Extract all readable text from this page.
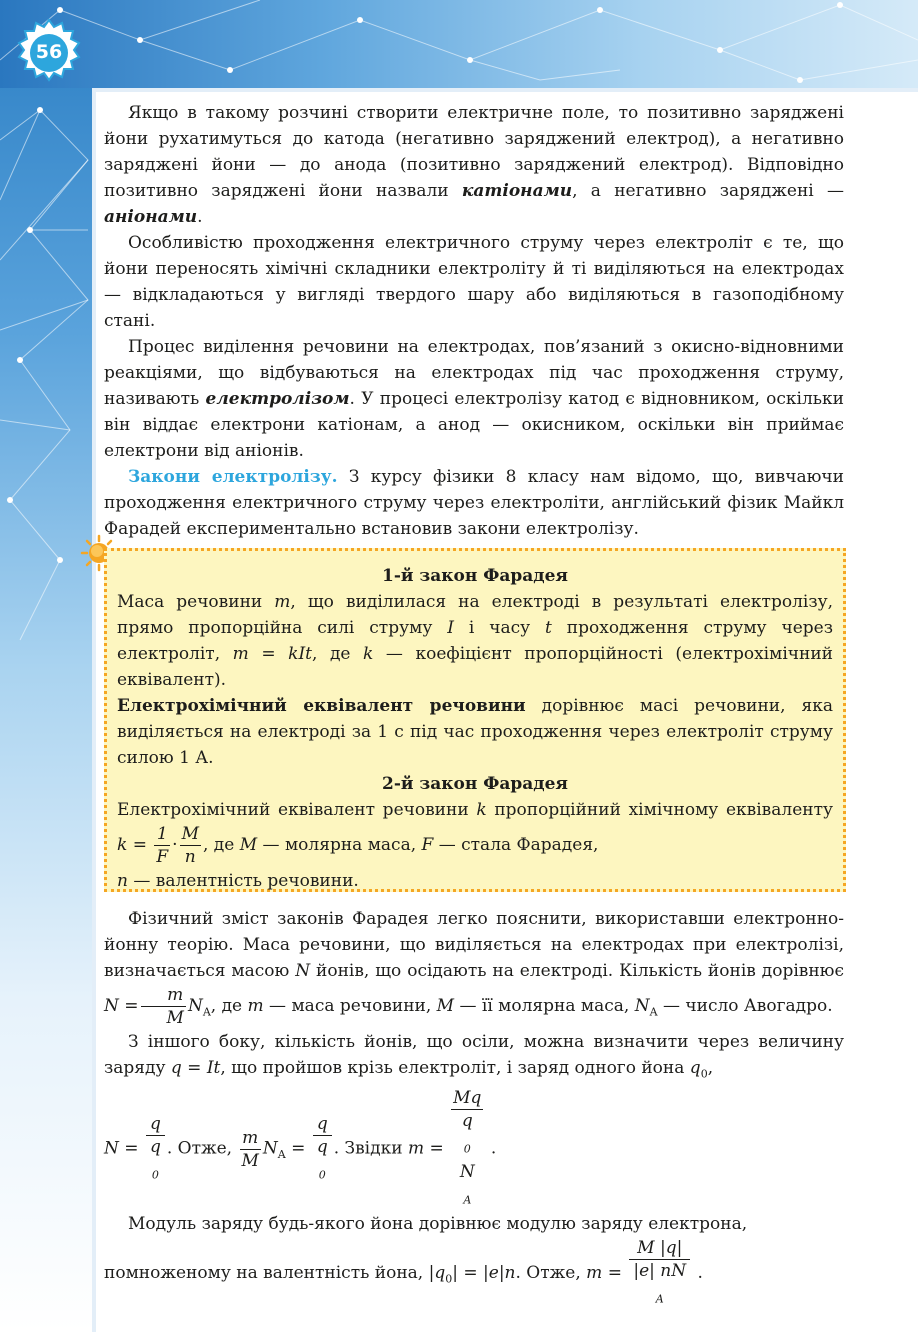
56

Якщо в такому розчині створити електричне поле, то позитивно заряджені йони рухатимуться до катода (негативно заряджений електрод), а негативно заряджені йони — до анода (позитивно заряджений електрод). Відповідно позитивно заряджені йони назвали катіонами, а негативно заряджені — аніонами.

Особливістю проходження електричного струму через електроліт є те, що йони переносять хімічні складники електроліту й ті виділяються на електродах — відкладаються у вигляді твердого шару або виділяються в газоподібному стані.

Процес виділення речовини на електродах, пов’язаний з окисно-відновними реакціями, що відбуваються на електродах під час проходження струму, називають електролізом. У процесі електролізу катод є відновником, оскільки він віддає електрони катіонам, а анод — окисником, оскільки він приймає електрони від аніонів.

Закони електролізу. З курсу фізики 8 класу нам відомо, що, вивчаючи проходження електричного струму через електроліти, англійський фізик Майкл Фарадей експериментально встановив закони електролізу.

1-й закон Фарадея

Маса речовини m, що виділилася на електроді в результаті електролізу, прямо пропорційна силі струму I і часу t проходження струму через електроліт, m = kIt, де k — коефіцієнт пропорційності (електрохімічний еквівалент).

Електрохімічний еквівалент речовини дорівнює масі речовини, яка виділяється на електроді за 1 с під час проходження через електроліт струму силою 1 А.

2-й закон Фарадея

Електрохімічний еквівалент речовини k пропорційний хімічному еквіваленту $k = \frac{1}{F} \cdot \frac{M}{n}$ , де M — молярна маса, F — стала Фарадея,
n — валентність речовини.

Фізичний зміст законів Фарадея легко пояснити, використавши електронно-йонну теорію. Маса речовини, що виділяється на електродах при електролізі, визначається масою N йонів, що осідають на електроді. Кількість йонів дорівнює $N = \frac{m}{M} N_A$, де m — маса речовини, M — її молярна маса, $N_A$ — число Авогадро.

З іншого боку, кількість йонів, що осіли, можна визначити через величину заряду q = It, що пройшов крізь електроліт, і заряд одного йона $q_0$,

N = q
q
$_0$ . Отже, $\frac{m}{M} N_A = q$
q
$_0$ . Звідки m = Mq
q
$_0$
N
$_A$ .

Модуль заряду будь-якого йона дорівнює модулю заряду електрона,

помноженому на валентність йона, $|q_0| = |e|n$. Отже, m = M |q|
|e| nN
$_A$ .
